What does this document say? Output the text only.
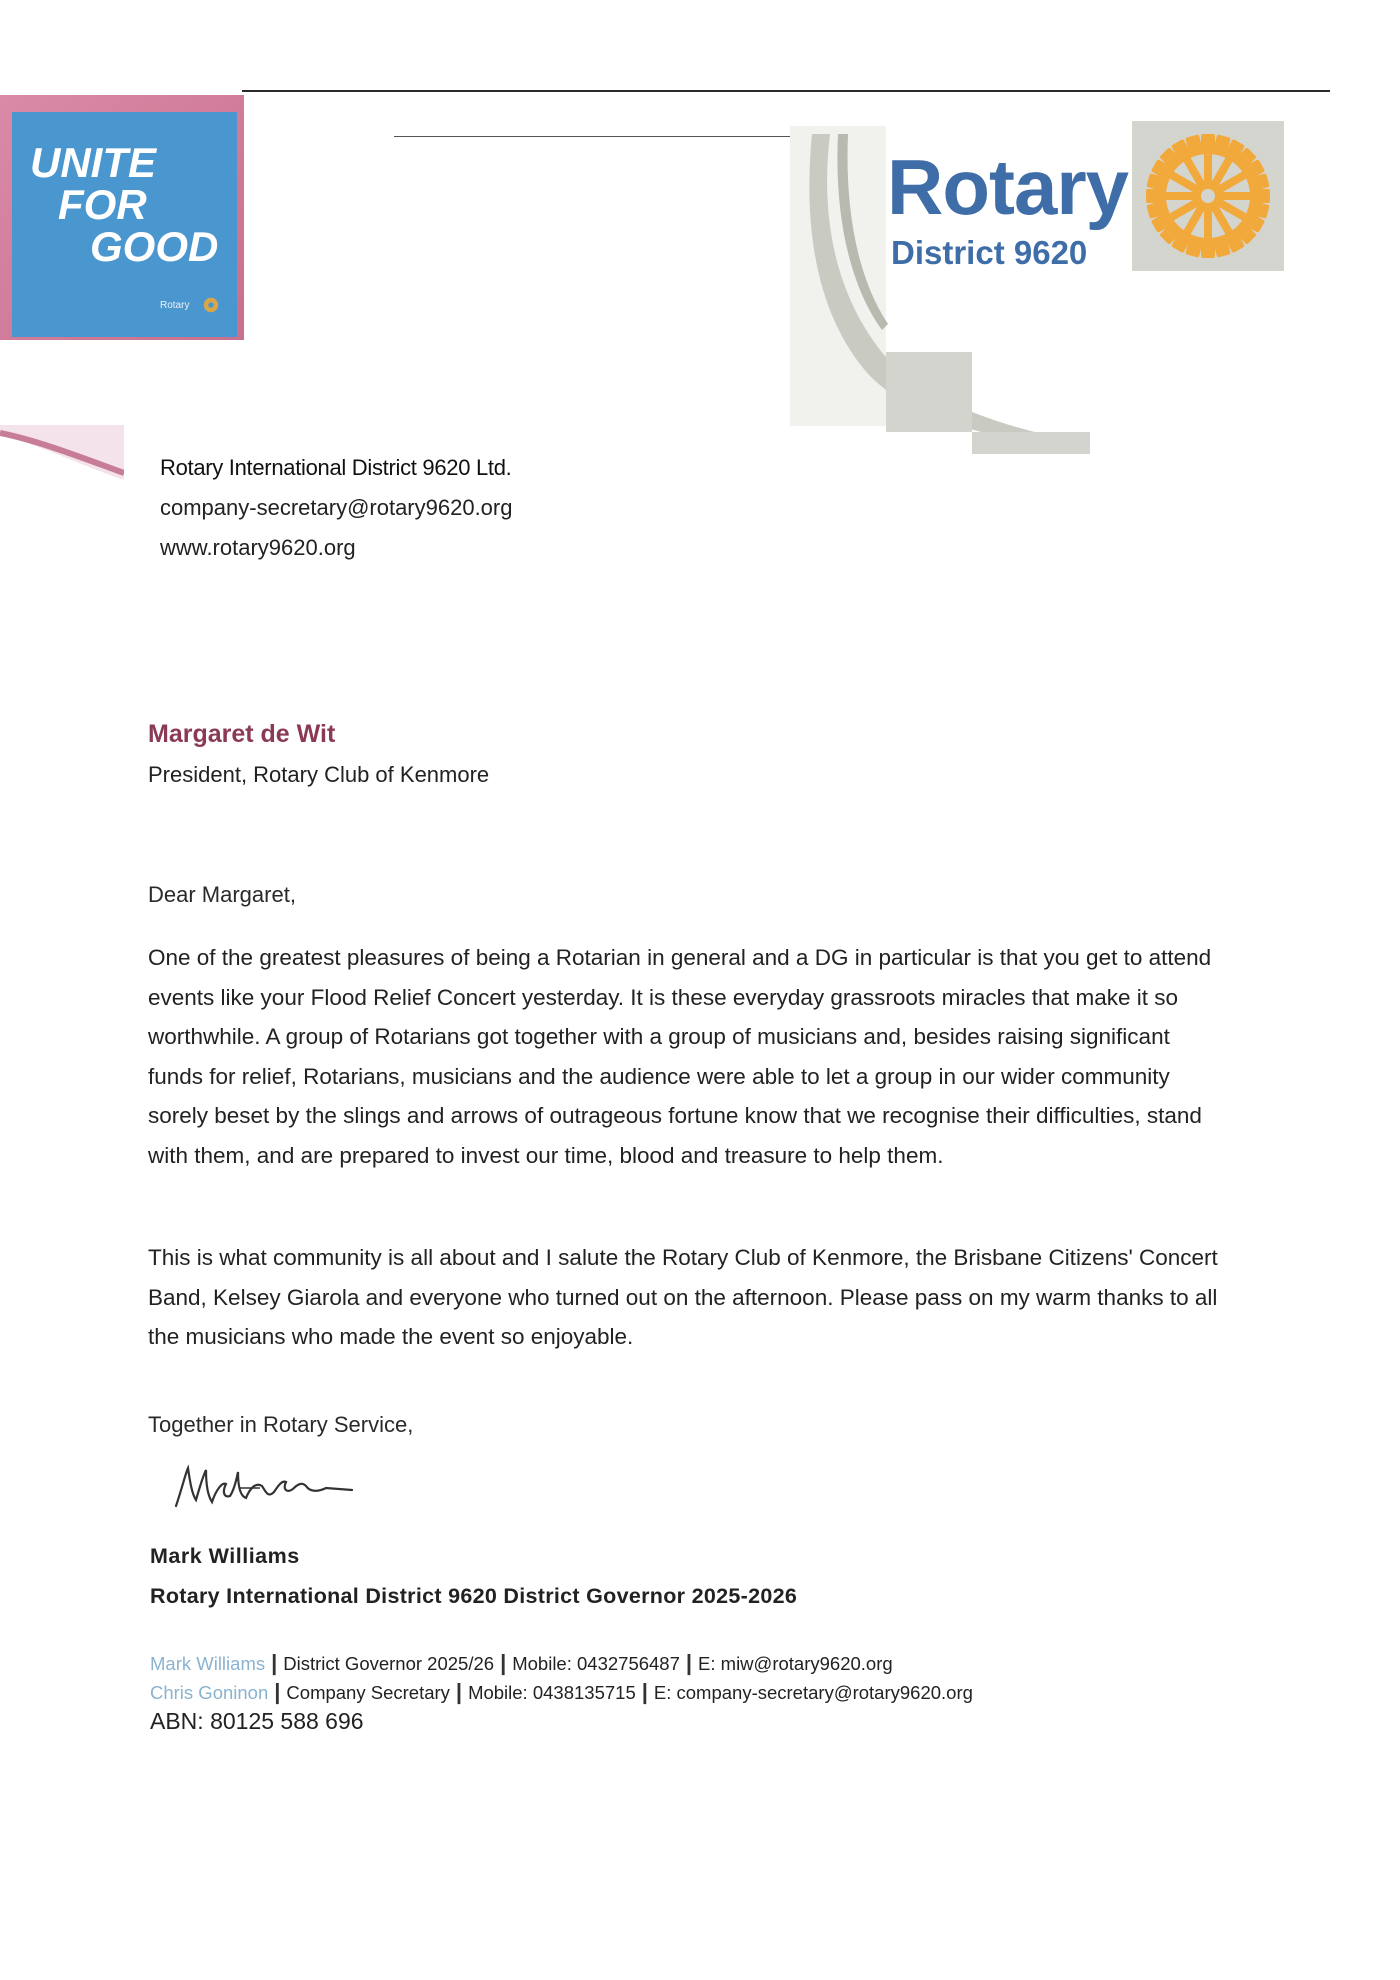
UNITE
FOR
GOOD
Rotary
Rotary
District 9620
Rotary International District 9620 Ltd.
company-secretary@rotary9620.org
www.rotary9620.org
Margaret de Wit
President, Rotary Club of Kenmore
Dear Margaret,
One of the greatest pleasures of being a Rotarian in general and a DG in particular is that you get to attend events like your Flood Relief Concert yesterday. It is these everyday grassroots miracles that make it so worthwhile. A group of Rotarians got together with a group of musicians and, besides raising significant funds for relief, Rotarians, musicians and the audience were able to let a group in our wider community sorely beset by the slings and arrows of outrageous fortune know that we recognise their difficulties, stand with them, and are prepared to invest our time, blood and treasure to help them.
This is what community is all about and I salute the Rotary Club of Kenmore, the Brisbane Citizens' Concert Band, Kelsey Giarola and everyone who turned out on the afternoon. Please pass on my warm thanks to all the musicians who made the event so enjoyable.
Together in Rotary Service,
Mark Williams
Rotary International District 9620 District Governor 2025-2026
Mark Williams | District Governor 2025/26 | Mobile: 0432756487 | E: miw@rotary9620.org
Chris Goninon | Company Secretary | Mobile: 0438135715 | E: company-secretary@rotary9620.org
ABN: 80125 588 696
